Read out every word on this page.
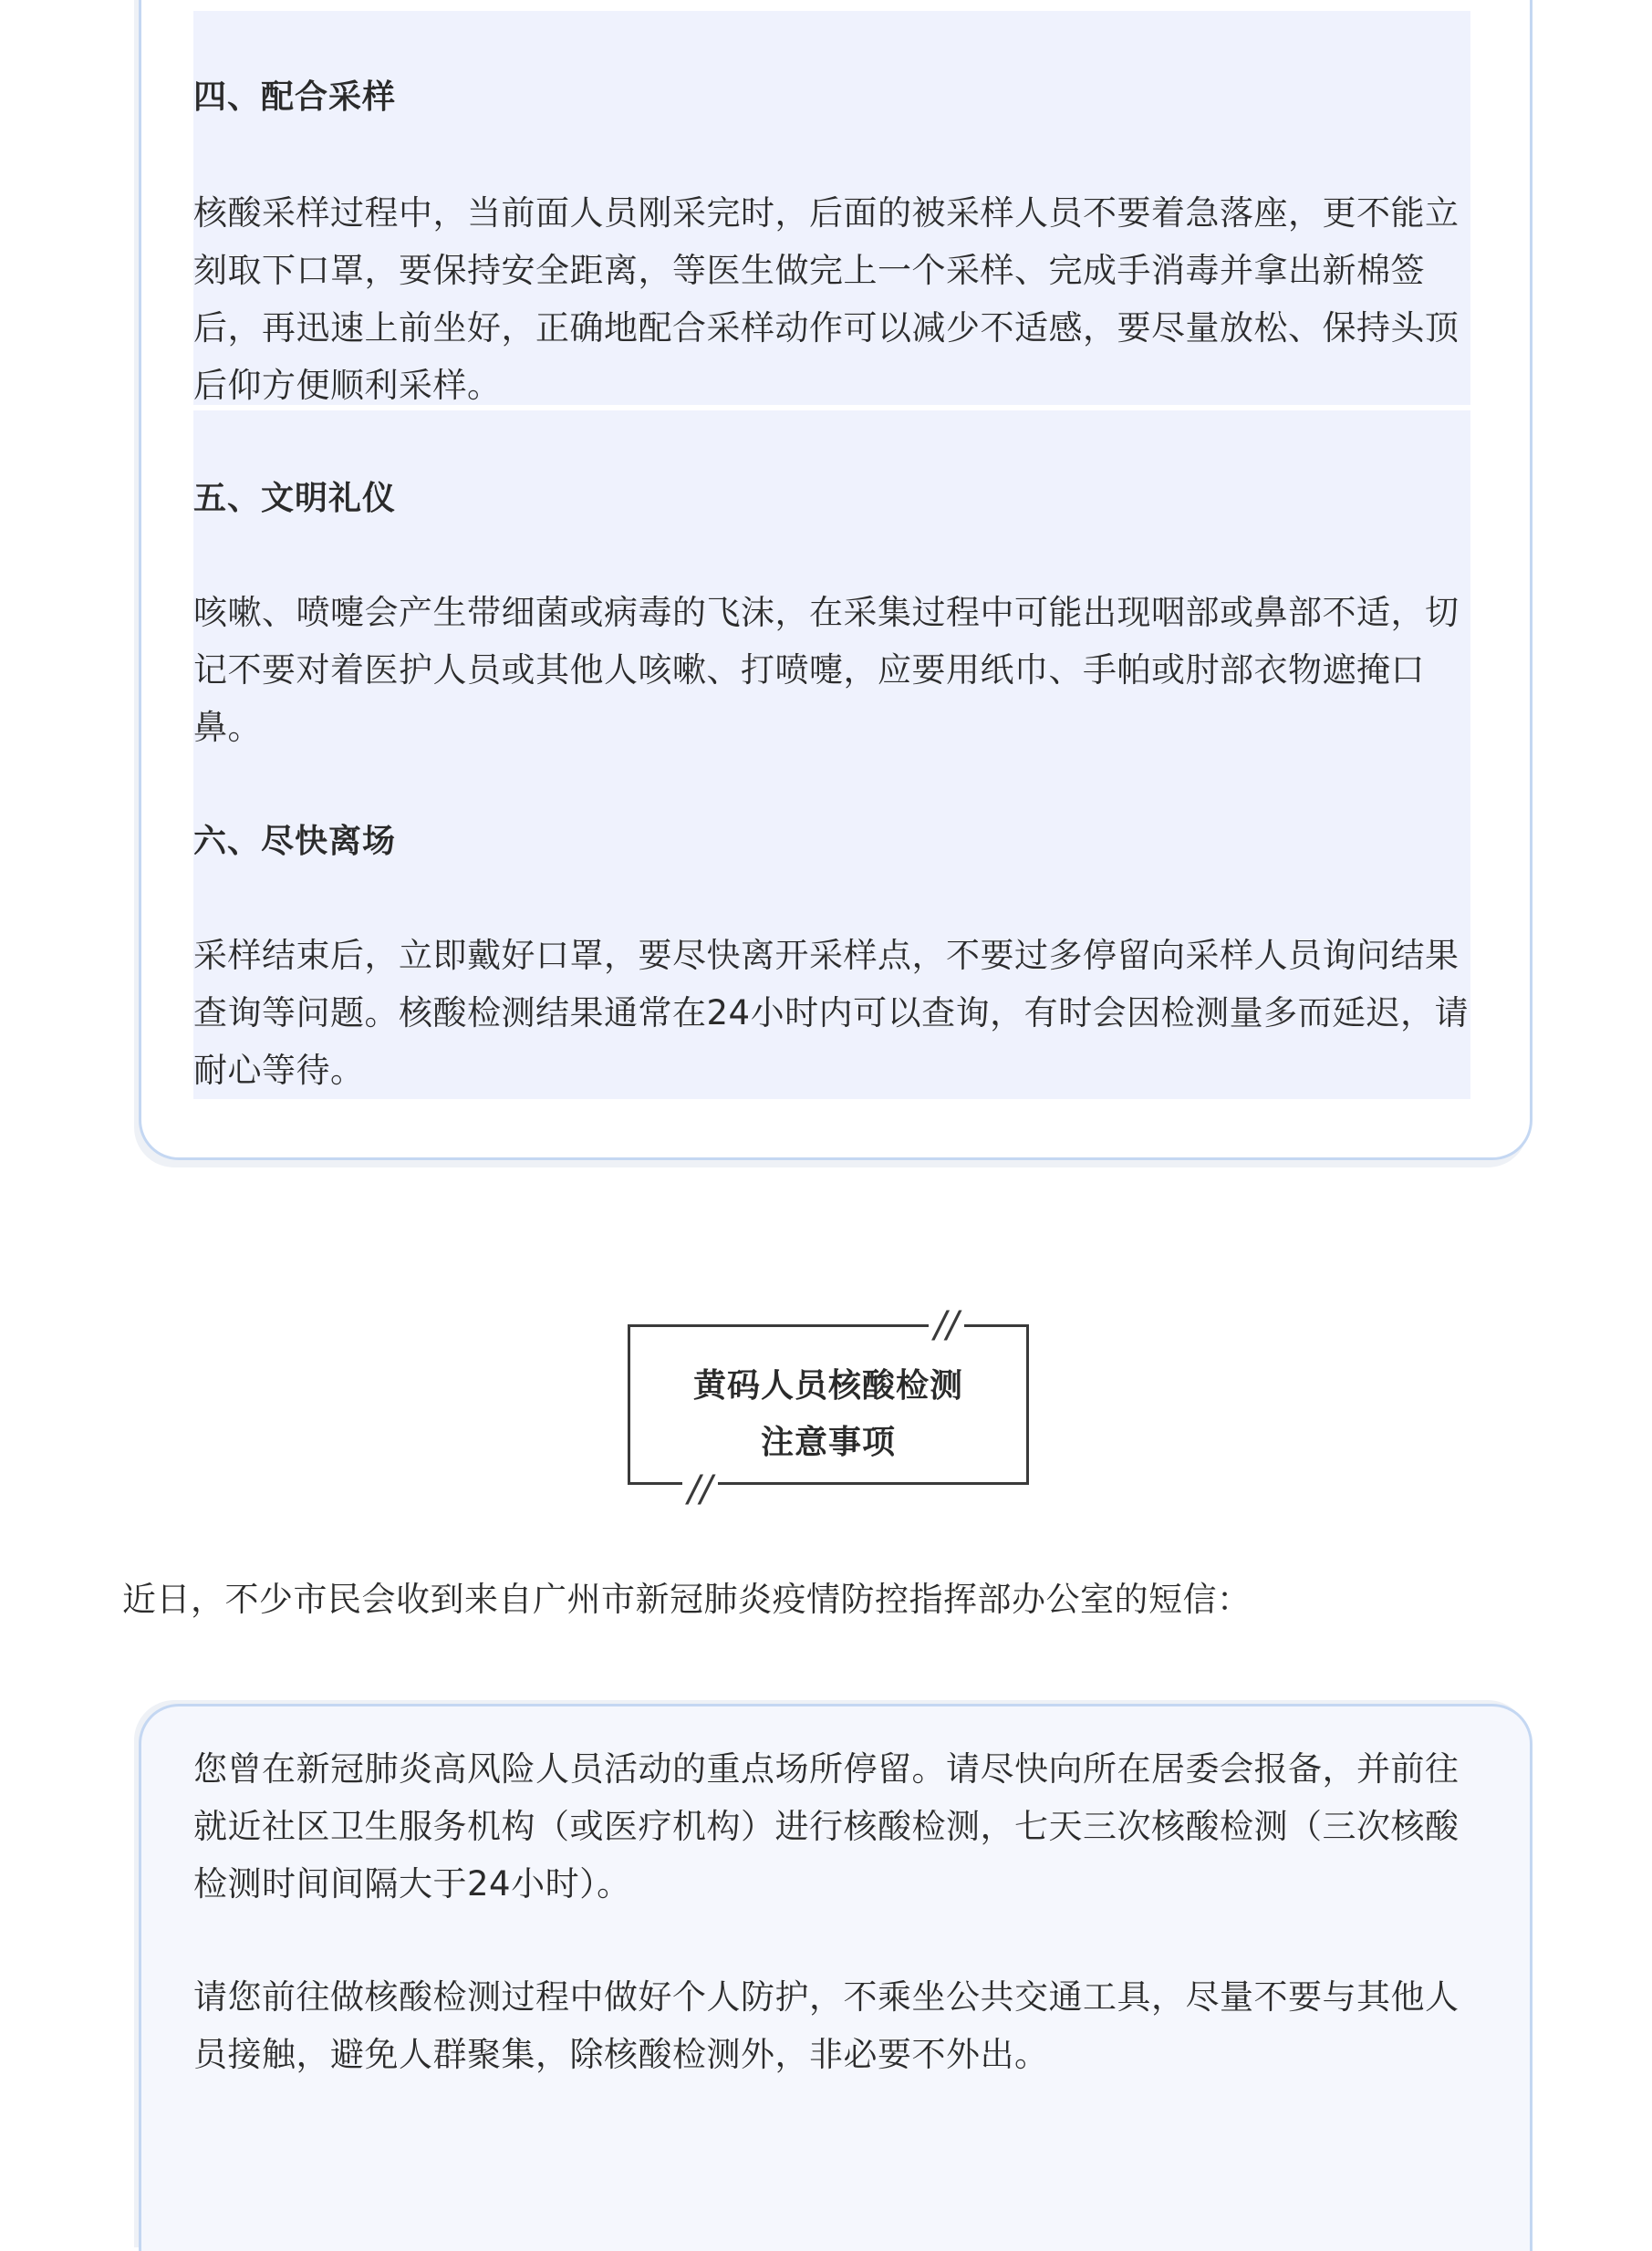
四、配合采样

核酸采样过程中，当前面人员刚采完时，后面的被采样人员不要着急落座，更不能立刻取下口罩，要保持安全距离，等医生做完上一个采样、完成手消毒并拿出新棉签后，再迅速上前坐好，正确地配合采样动作可以减少不适感，要尽量放松、保持头顶后仰方便顺利采样。

五、文明礼仪

咳嗽、喷嚏会产生带细菌或病毒的飞沫，在采集过程中可能出现咽部或鼻部不适，切记不要对着医护人员或其他人咳嗽、打喷嚏，应要用纸巾、手帕或肘部衣物遮掩口鼻。

六、尽快离场

采样结束后，立即戴好口罩，要尽快离开采样点，不要过多停留向采样人员询问结果查询等问题。核酸检测结果通常在24小时内可以查询，有时会因检测量多而延迟，请耐心等待。

黄码人员核酸检测
注意事项
//
//

近日，不少市民会收到来自广州市新冠肺炎疫情防控指挥部办公室的短信：

您曾在新冠肺炎高风险人员活动的重点场所停留。请尽快向所在居委会报备，并前往就近社区卫生服务机构（或医疗机构）进行核酸检测，七天三次核酸检测（三次核酸检测时间间隔大于24小时）。

请您前往做核酸检测过程中做好个人防护，不乘坐公共交通工具，尽量不要与其他人员接触，避免人群聚集，除核酸检测外，非必要不外出。
